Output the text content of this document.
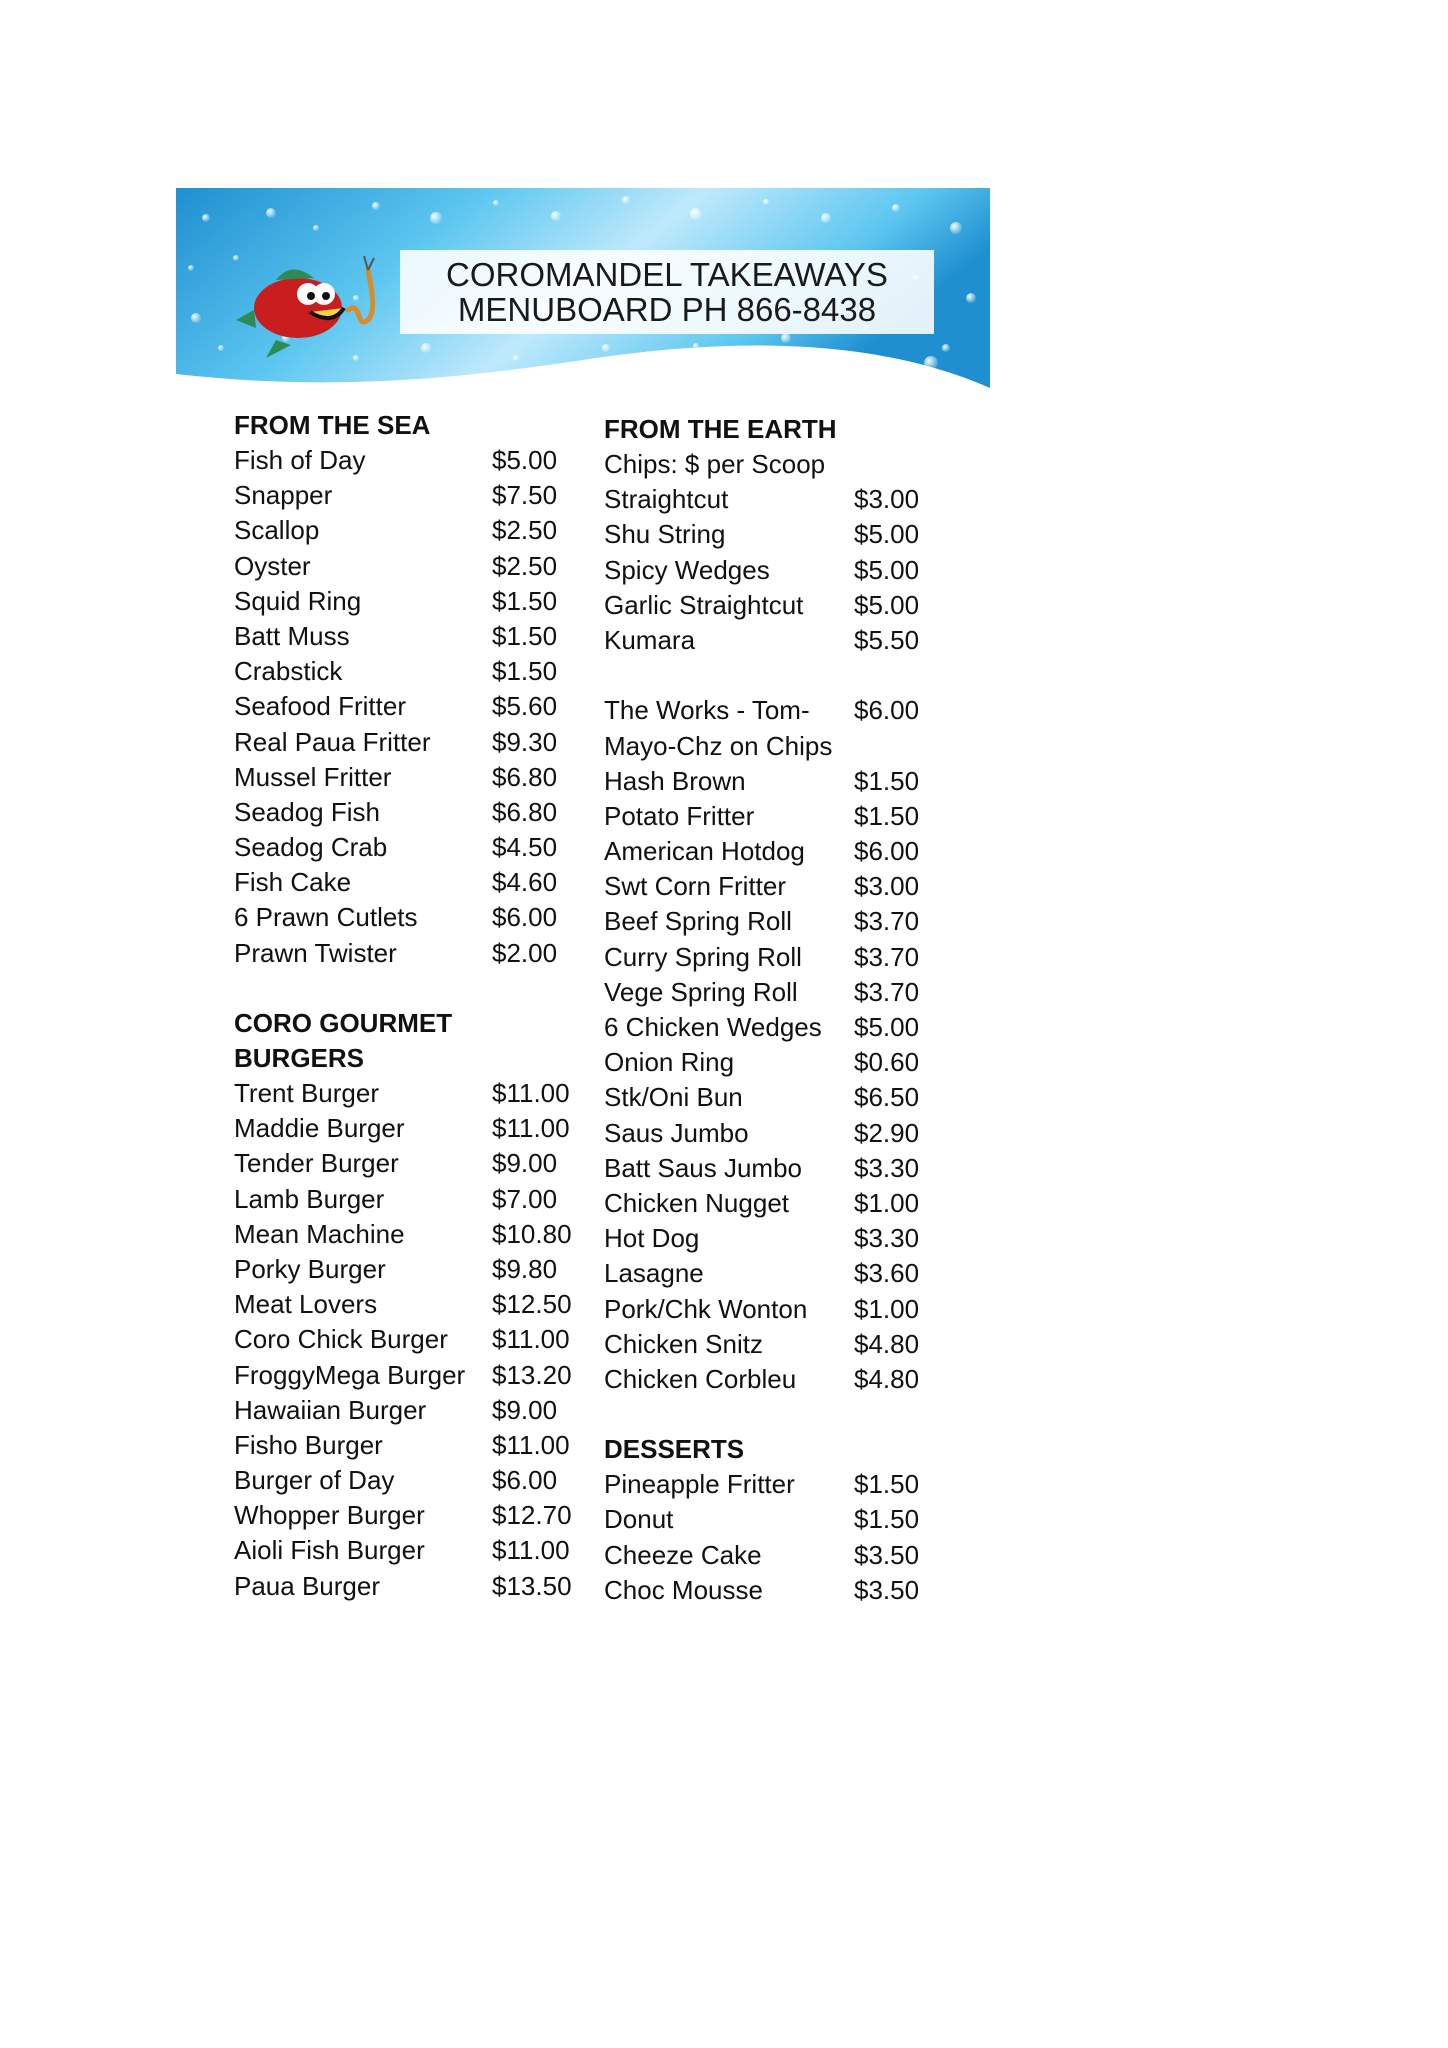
COROMANDEL TAKEAWAYS
MENUBOARD PH 866-8438
FROM THE SEA
Fish of Day	$5.00
Snapper	$7.50
Scallop	$2.50
Oyster	$2.50
Squid Ring	$1.50
Batt Muss	$1.50
Crabstick	$1.50
Seafood Fritter	$5.60
Real Paua Fritter $9.30
Mussel Fritter	$6.80
Seadog Fish	$6.80
Seadog Crab	$4.50
Fish Cake	$4.60
6 Prawn Cutlets	$6.00
Prawn Twister	$2.00
CORO GOURMET
BURGERS
Trent Burger	$11.00
Maddie Burger	$11.00
Tender Burger	$9.00
Lamb Burger	$7.00
Mean Machine	$10.80
Porky Burger	$9.80
Meat Lovers	$12.50
Coro Chick Burger $11.00
FroggyMega Burger $13.20
Hawaiian Burger	$9.00
Fisho Burger	$11.00
Burger of Day	$6.00
Whopper Burger	$12.70
Aioli Fish Burger	$11.00
Paua Burger	$13.50
FROM THE EARTH
Chips: $ per Scoop
Straightcut	$3.00
Shu String	$5.00
Spicy Wedges	$5.00
Garlic Straightcut $5.00
Kumara	$5.50
The Works - Tom- $6.00
Mayo-Chz on Chips
Hash Brown	$1.50
Potato Fritter	$1.50
American Hotdog $6.00
Swt Corn Fritter	$3.00
Beef Spring Roll $3.70
Curry Spring Roll $3.70
Vege Spring Roll $3.70
6 Chicken Wedges $5.00
Onion Ring	$0.60
Stk/Oni Bun	$6.50
Saus Jumbo	$2.90
Batt Saus Jumbo $3.30
Chicken Nugget	$1.00
Hot Dog	$3.30
Lasagne	$3.60
Pork/Chk Wonton $1.00
Chicken Snitz	$4.80
Chicken Corbleu $4.80
DESSERTS
Pineapple Fritter $1.50
Donut	$1.50
Cheeze Cake	$3.50
Choc Mousse	$3.50
